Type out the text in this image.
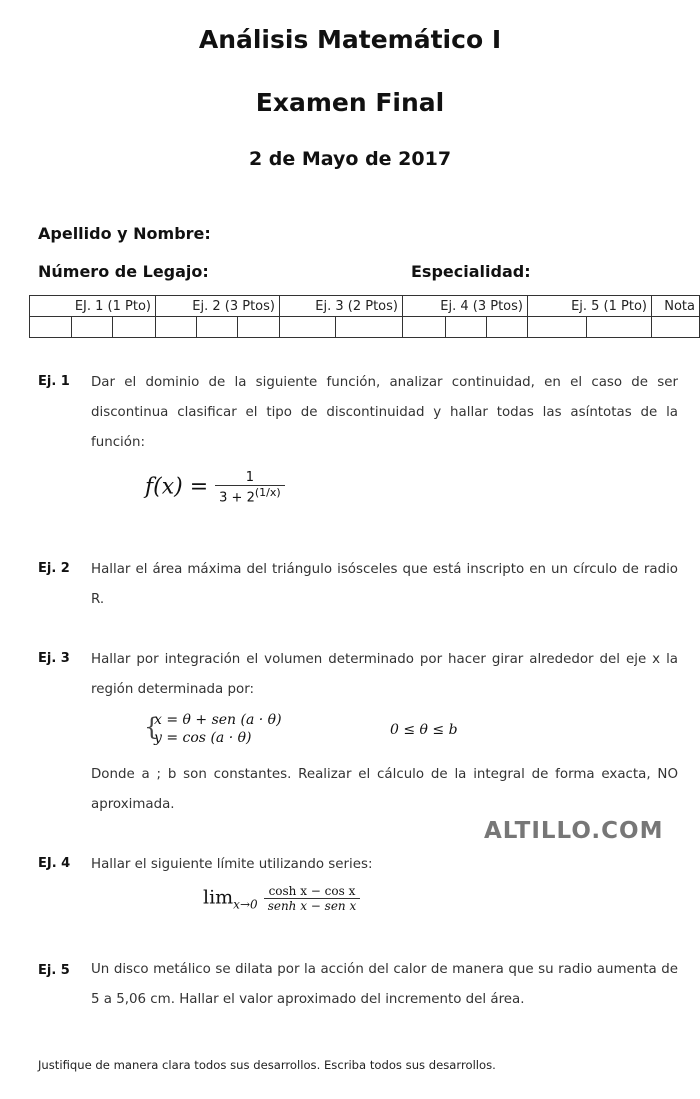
Análisis Matemático I
Examen Final
2 de Mayo de 2017
Apellido y Nombre:
Número de Legajo:	Especialidad:
EJ. 1 (1 Pto)			Ej. 2 (3 Ptos)			Ej. 3 (2 Ptos)		Ej. 4 (3 Ptos)			Ej. 5 (1 Pto)		Nota

Ej. 1 Dar el dominio de la siguiente función, analizar continuidad, en el caso de ser discontinua clasificar el tipo de discontinuidad y hallar todas las asíntotas de la función:
$f(x) = \frac{1}{3 + 2^{(1/x)}}$
Ej. 2 Hallar el área máxima del triángulo isósceles que está inscripto en un círculo de radio R.
Ej. 3 Hallar por integración el volumen determinado por hacer girar alrededor del eje x la región determinada por:
{
x = θ + sen (a · θ)
y = cos (a · θ)	0 ≤ θ ≤ b
Donde a ; b son constantes. Realizar el cálculo de la integral de forma exacta, NO aproximada.
ALTILLO.COM
EJ. 4 Hallar el siguiente límite utilizando series:
$\lim_{x\to 0} \frac{\text{cosh x − cos x}}{\text{senh x − sen x}}$
Ej. 5 Un disco metálico se dilata por la acción del calor de manera que su radio aumenta de 5 a 5,06 cm. Hallar el valor aproximado del incremento del área.
Justifique de manera clara todos sus desarrollos. Escriba todos sus desarrollos.
